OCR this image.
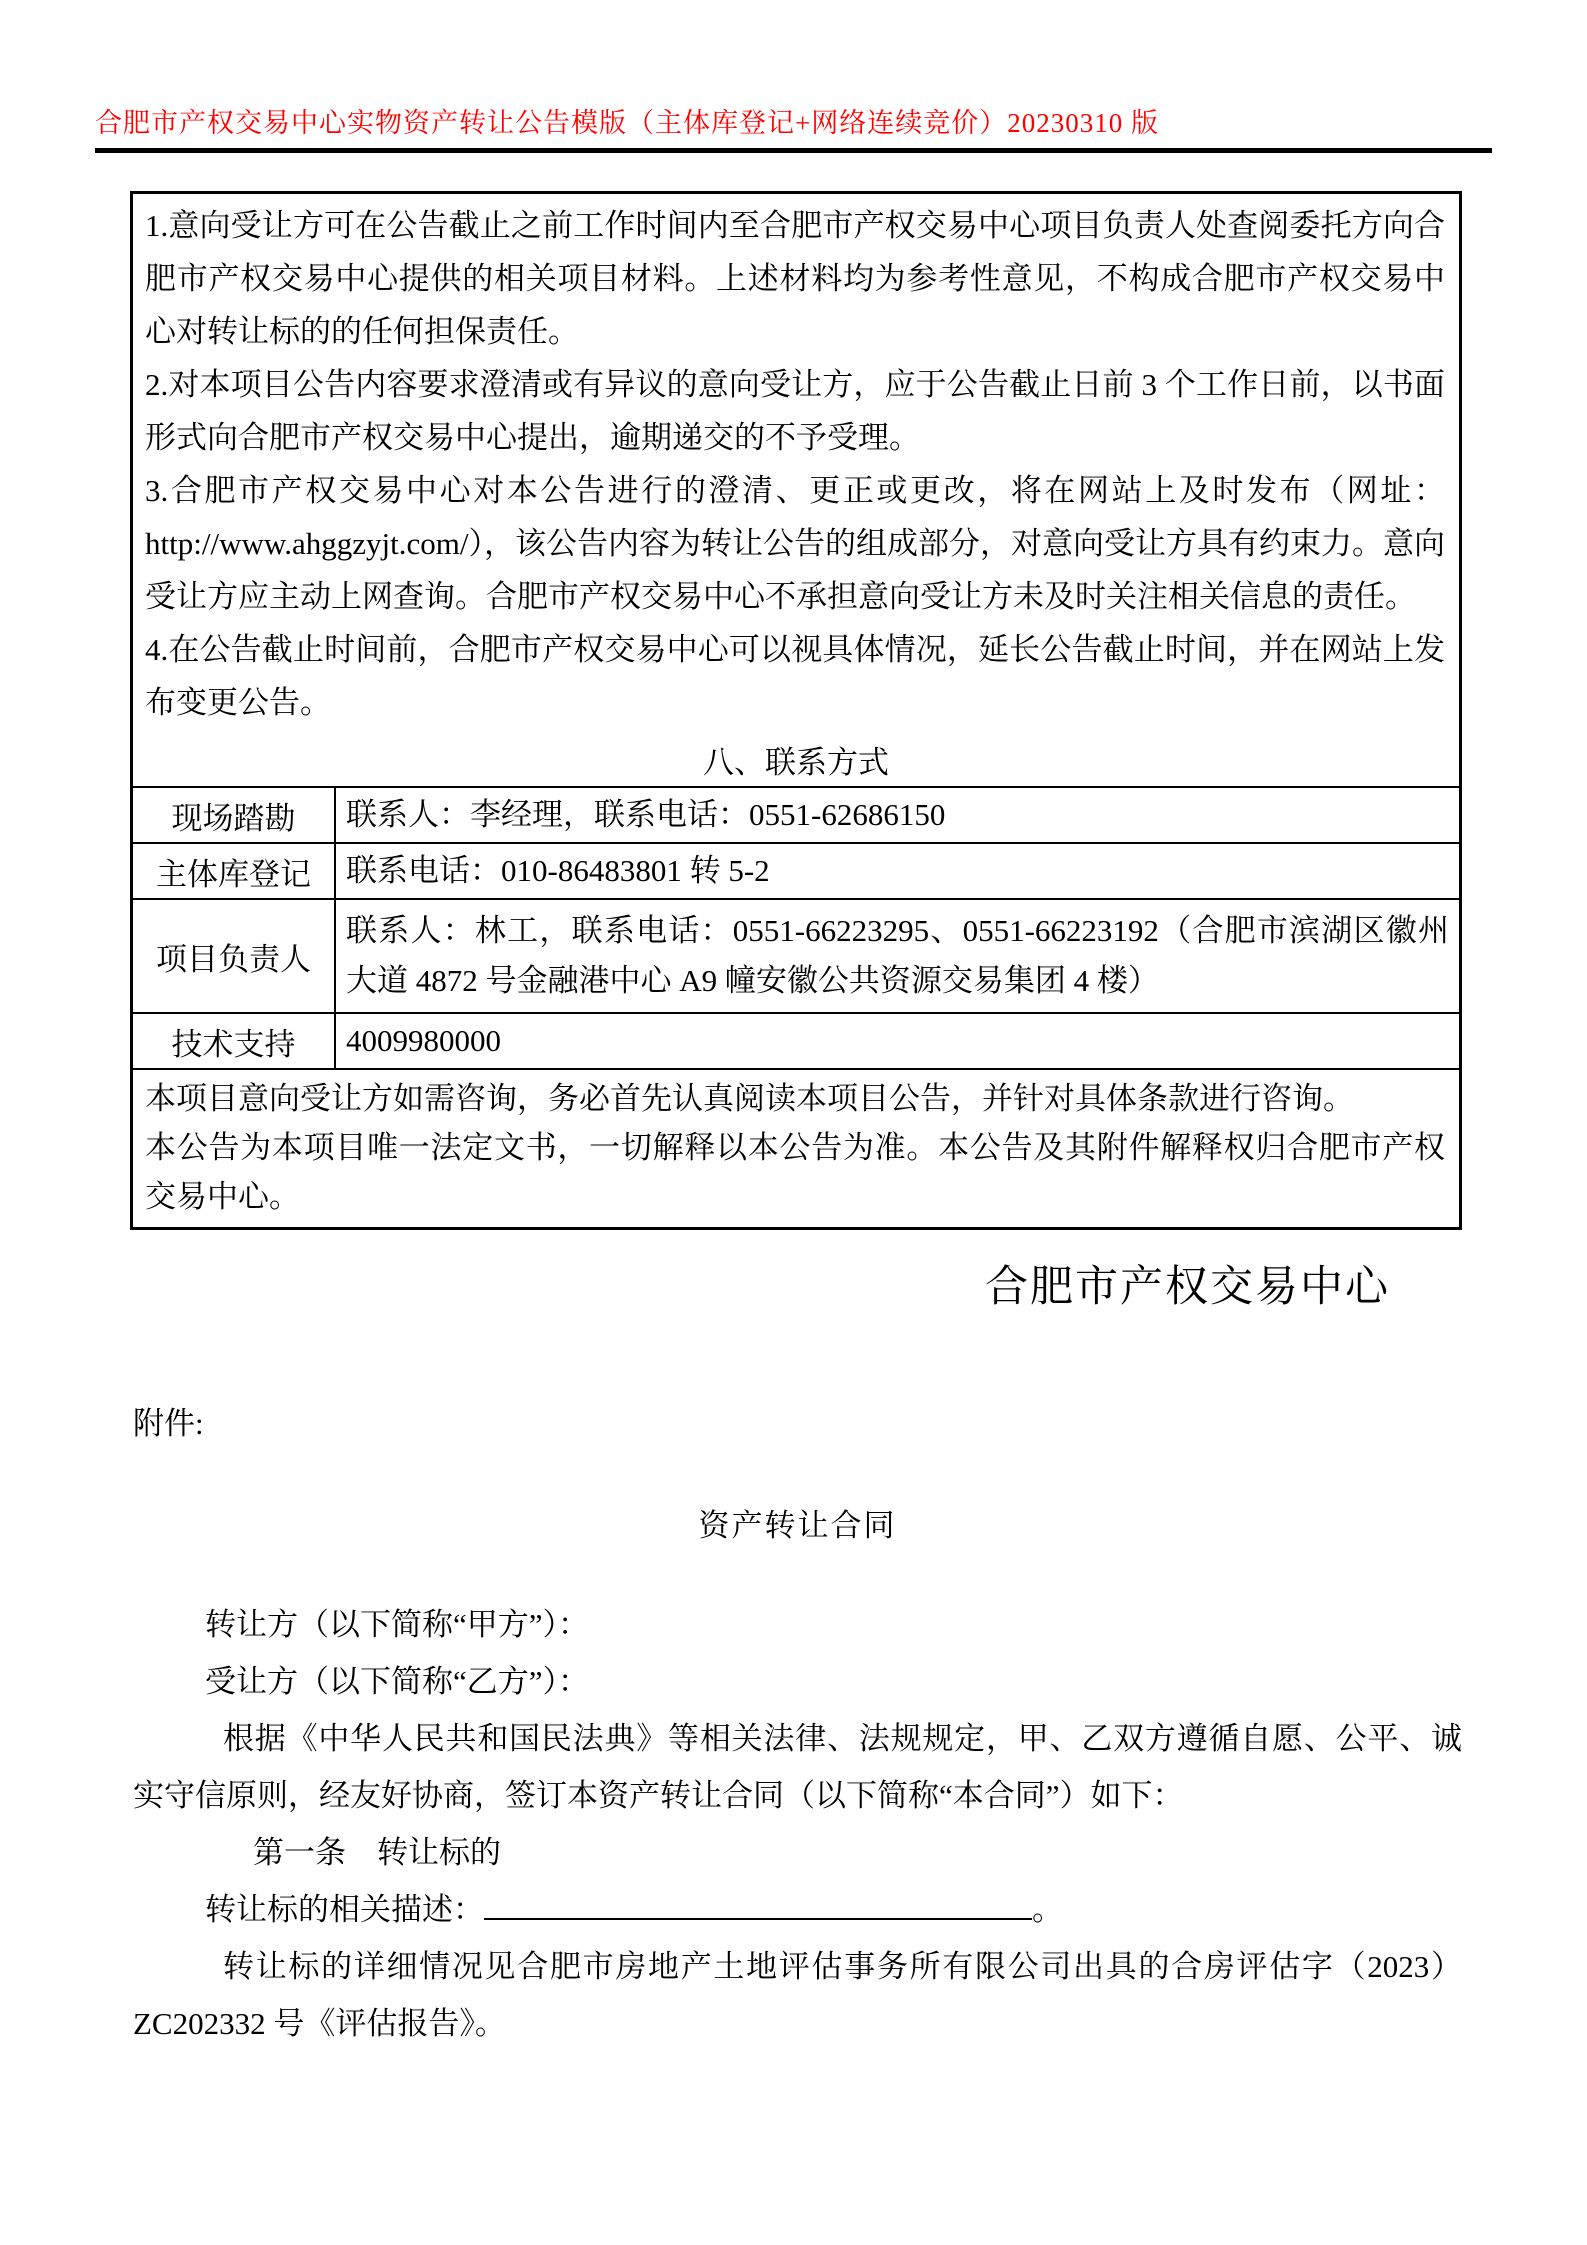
合肥市产权交易中心实物资产转让公告模版（主体库登记+网络连续竞价）20230310 版

1.意向受让方可在公告截止之前工作时间内至合肥市产权交易中心项目负责人处查阅委托方向合肥市产权交易中心提供的相关项目材料。上述材料均为参考性意见，不构成合肥市产权交易中心对转让标的的任何担保责任。

2.对本项目公告内容要求澄清或有异议的意向受让方，应于公告截止日前 3 个工作日前，以书面形式向合肥市产权交易中心提出，逾期递交的不予受理。

3.合肥市产权交易中心对本公告进行的澄清、更正或更改，将在网站上及时发布（网址：http://www.ahggzyjt.com/），该公告内容为转让公告的组成部分，对意向受让方具有约束力。意向受让方应主动上网查询。合肥市产权交易中心不承担意向受让方未及时关注相关信息的责任。

4.在公告截止时间前，合肥市产权交易中心可以视具体情况，延长公告截止时间，并在网站上发布变更公告。

八、联系方式	
现场踏勘	联系人：李经理，联系电话：0551-62686150
主体库登记	联系电话：010-86483801 转 5-2
项目负责人	联系人：林工，联系电话：0551-66223295、0551-66223192（合肥市滨湖区徽州大道 4872 号金融港中心 A9 幢安徽公共资源交易集团 4 楼）
技术支持	4009980000

本项目意向受让方如需咨询，务必首先认真阅读本项目公告，并针对具体条款进行咨询。

本公告为本项目唯一法定文书，一切解释以本公告为准。本公告及其附件解释权归合肥市产权交易中心。

合肥市产权交易中心
附件:
资产转让合同

转让方（以下简称“甲方”）：

受让方（以下简称“乙方”）：

根据《中华人民共和国民法典》等相关法律、法规规定，甲、乙双方遵循自愿、公平、诚实守信原则，经友好协商，签订本资产转让合同（以下简称“本合同”）如下：

第一条　转让标的

转让标的相关描述：	。

转让标的详细情况见合肥市房地产土地评估事务所有限公司出具的合房评估字（2023）ZC202332 号《评估报告》。
